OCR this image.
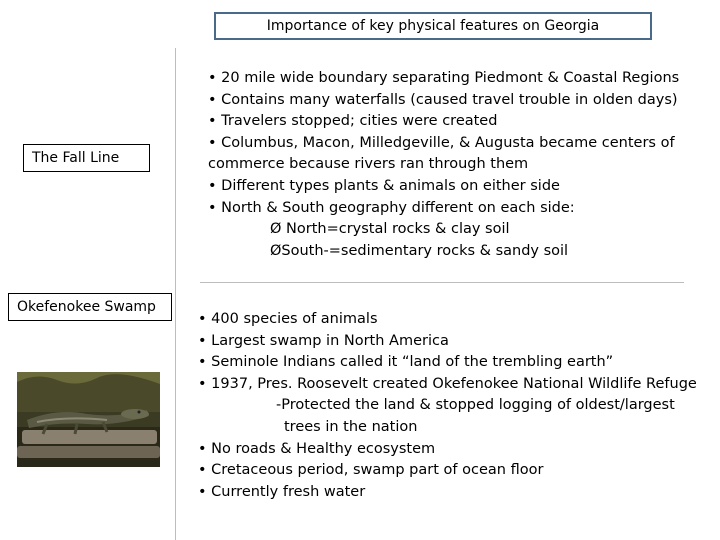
Importance of key physical features on Georgia
The Fall Line
Okefenokee Swamp

• 20 mile wide boundary separating Piedmont & Coastal Regions

• Contains many waterfalls (caused travel trouble in olden days)

• Travelers stopped; cities were created

• Columbus, Macon, Milledgeville, & Augusta became centers of

commerce because rivers ran through them

• Different types plants & animals on either side

• North & South geography different on each side:

Ø North=crystal rocks & clay soil

ØSouth-=sedimentary rocks & sandy soil

• 400 species of animals

• Largest swamp in North America

• Seminole Indians called it “land of the trembling earth”

• 1937, Pres. Roosevelt created Okefenokee National Wildlife Refuge

-Protected the land & stopped logging of oldest/largest

trees in the nation

• No roads & Healthy ecosystem

• Cretaceous period, swamp part of ocean floor

• Currently fresh water
